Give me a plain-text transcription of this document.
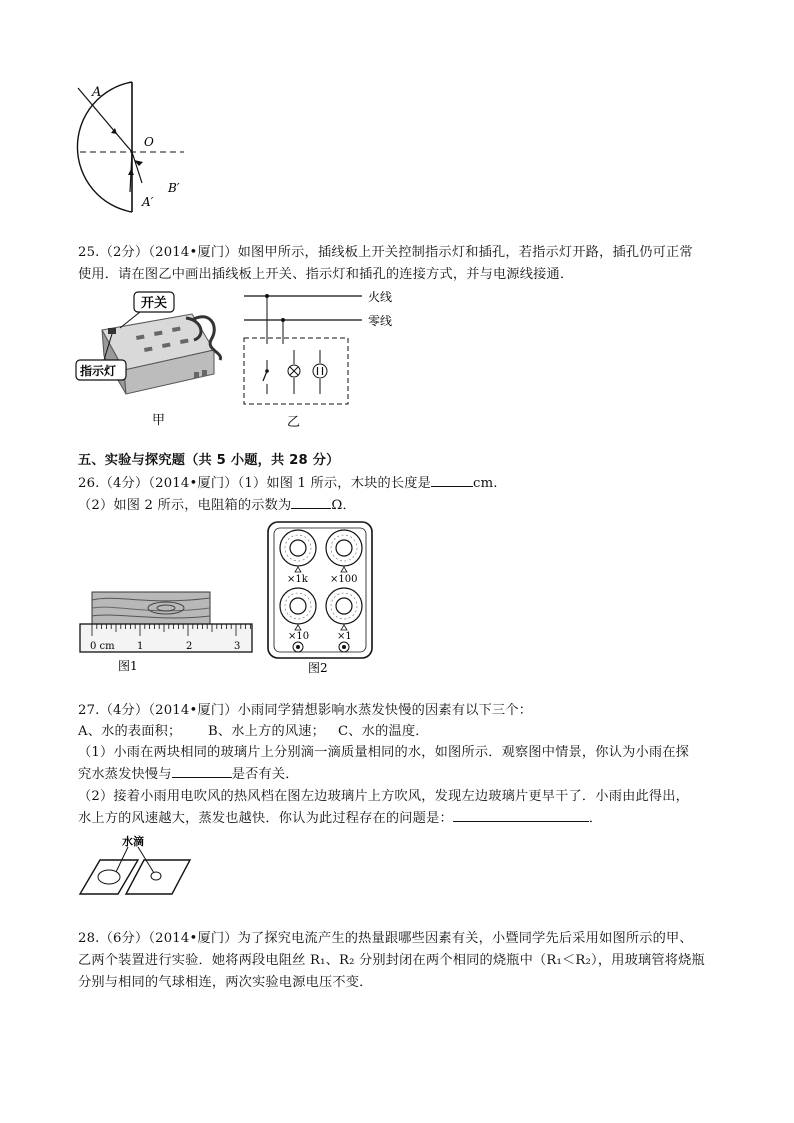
A
O
B′
A′
25.（2分）（2014•厦门）如图甲所示，插线板上开关控制指示灯和插孔，若指示灯开路，插孔仍可正常
使用．请在图乙中画出插线板上开关、指示灯和插孔的连接方式，并与电源线接通．
开关
指示灯
甲
火线
零线
乙
五、实验与探究题（共 5 小题，共 28 分）
26.（4分）（2014•厦门）（1）如图 1 所示，木块的长度是	cm.
（2）如图 2 所示，电阻箱的示数为	Ω．
0 cm 1	2	3
图1
×1k ×100
×10	×1
图2
27.（4分）（2014•厦门）小雨同学猜想影响水蒸发快慢的因素有以下三个：
A、水的表面积； B、水上方的风速； C、水的温度．
（1）小雨在两块相同的玻璃片上分别滴一滴质量相同的水，如图所示．观察图中情景，你认为小雨在探
究水蒸发快慢与	是否有关．
（2）接着小雨用电吹风的热风档在图左边玻璃片上方吹风，发现左边玻璃片更早干了．小雨由此得出，
水上方的风速越大，蒸发也越快．你认为此过程存在的问题是：	．
水滴
28.（6分）（2014•厦门）为了探究电流产生的热量跟哪些因素有关，小暨同学先后采用如图所示的甲、
乙两个装置进行实验．她将两段电阻丝 R₁、R₂ 分别封闭在两个相同的烧瓶中（R₁＜R₂），用玻璃管将烧瓶
分别与相同的气球相连，两次实验电源电压不变．
